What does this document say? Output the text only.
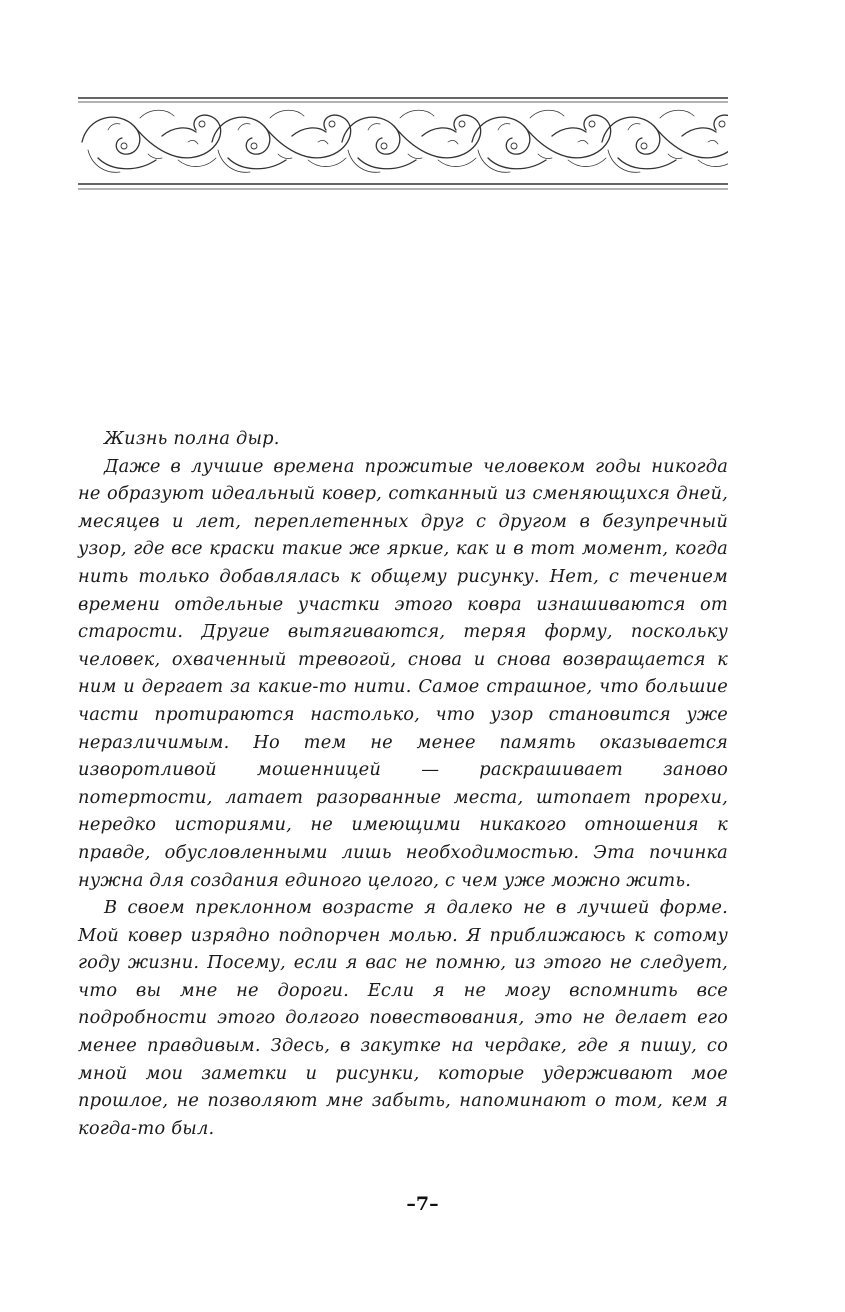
Жизнь полна дыр.

Даже в лучшие времена прожитые человеком годы никогда не образуют идеальный ковер, сотканный из сменяющихся дней, месяцев и лет, переплетенных друг с другом в безупречный узор, где все краски такие же яркие, как и в тот момент, когда нить только добавлялась к общему рисунку. Нет, с течением времени отдельные участки этого ковра изнашиваются от старости. Другие вытягиваются, теряя форму, поскольку человек, охваченный тревогой, снова и снова возвращается к ним и дергает за какие-то нити. Самое страшное, что большие части протираются настолько, что узор становится уже неразличимым. Но тем не менее память оказывается изворотливой мошенницей — раскрашивает заново потертости, латает разорванные места, штопает прорехи, нередко историями, не имеющими никакого отношения к правде, обусловленными лишь необходимостью. Эта починка нужна для создания единого целого, с чем уже можно жить.

В своем преклонном возрасте я далеко не в лучшей форме. Мой ковер изрядно подпорчен молью. Я приближаюсь к сотому году жизни. Посему, если я вас не помню, из этого не следует, что вы мне не дороги. Если я не могу вспомнить все подробности этого долгого повествования, это не делает его менее правдивым. Здесь, в закутке на чердаке, где я пишу, со мной мои заметки и рисунки, которые удерживают мое прошлое, не позволяют мне забыть, напоминают о том, кем я когда-то был.

–7–
